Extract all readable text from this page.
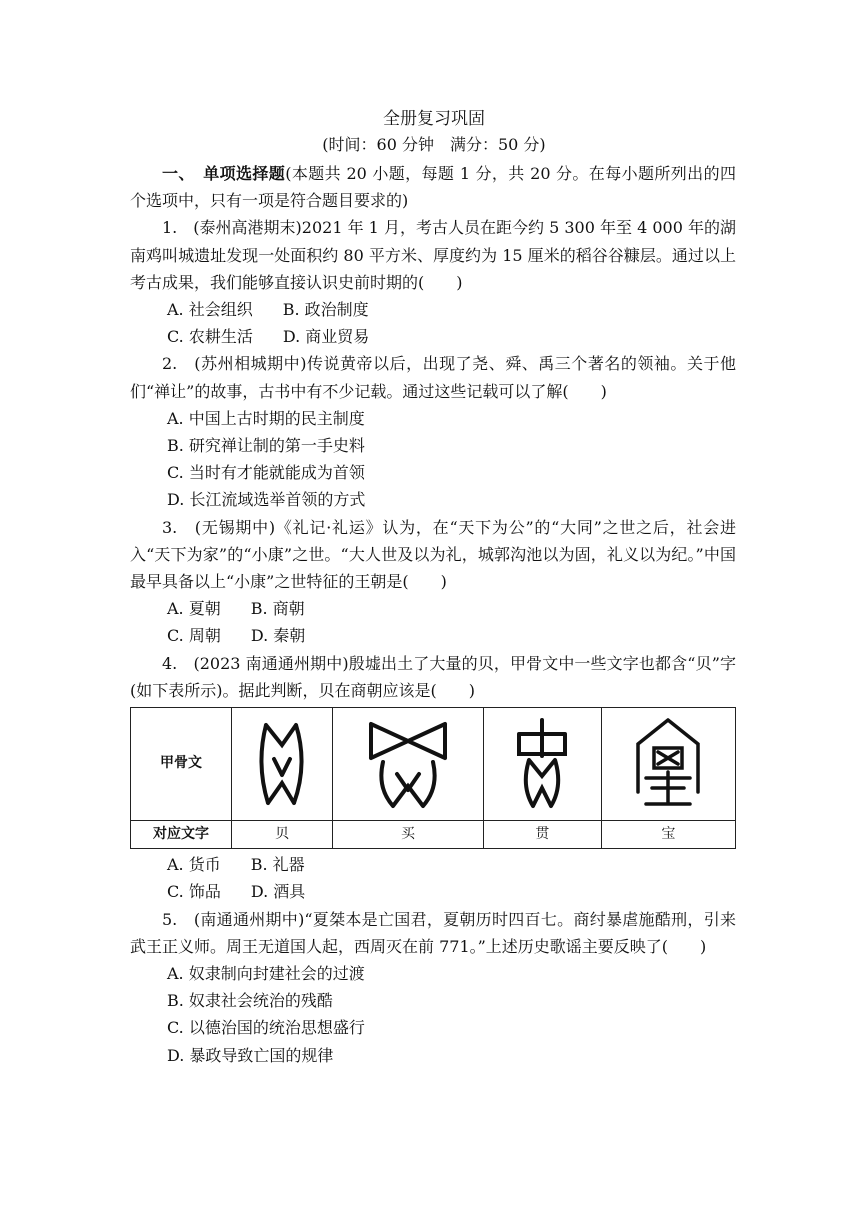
全册复习巩固
(时间：60 分钟　满分：50 分)

一、　单项选择题(本题共 20 小题，每题 1 分，共 20 分。在每小题所列出的四个选项中，只有一项是符合题目要求的)

1.　(泰州高港期末)2021 年 1 月，考古人员在距今约 5 300 年至 4 000 年的湖南鸡叫城遗址发现一处面积约 80 平方米、厚度约为 15 厘米的稻谷谷糠层。通过以上考古成果，我们能够直接认识史前时期的(　　)

A. 社会组织 B. 政治制度

C. 农耕生活 D. 商业贸易

2.　(苏州相城期中)传说黄帝以后，出现了尧、舜、禹三个著名的领袖。关于他们“禅让”的故事，古书中有不少记载。通过这些记载可以了解(　　)

A. 中国上古时期的民主制度

B. 研究禅让制的第一手史料

C. 当时有才能就能成为首领

D. 长江流域选举首领的方式

3.　(无锡期中)《礼记·礼运》认为，在“天下为公”的“大同”之世之后，社会进入“天下为家”的“小康”之世。“大人世及以为礼，城郭沟池以为固，礼义以为纪。”中国最早具备以上“小康”之世特征的王朝是(　　)

A. 夏朝 B. 商朝

C. 周朝 D. 秦朝

4.　(2023 南通通州期中)殷墟出土了大量的贝，甲骨文中一些文字也都含“贝”字(如下表所示)。据此判断，贝在商朝应该是(　　)

甲骨文	

对应文字	贝	买	贯	宝

A. 货币 B. 礼器

C. 饰品 D. 酒具

5.　(南通通州期中)“夏桀本是亡国君，夏朝历时四百七。商纣暴虐施酷刑，引来武王正义师。周王无道国人起，西周灭在前 771。”上述历史歌谣主要反映了(　　)

A. 奴隶制向封建社会的过渡

B. 奴隶社会统治的残酷

C. 以德治国的统治思想盛行

D. 暴政导致亡国的规律
